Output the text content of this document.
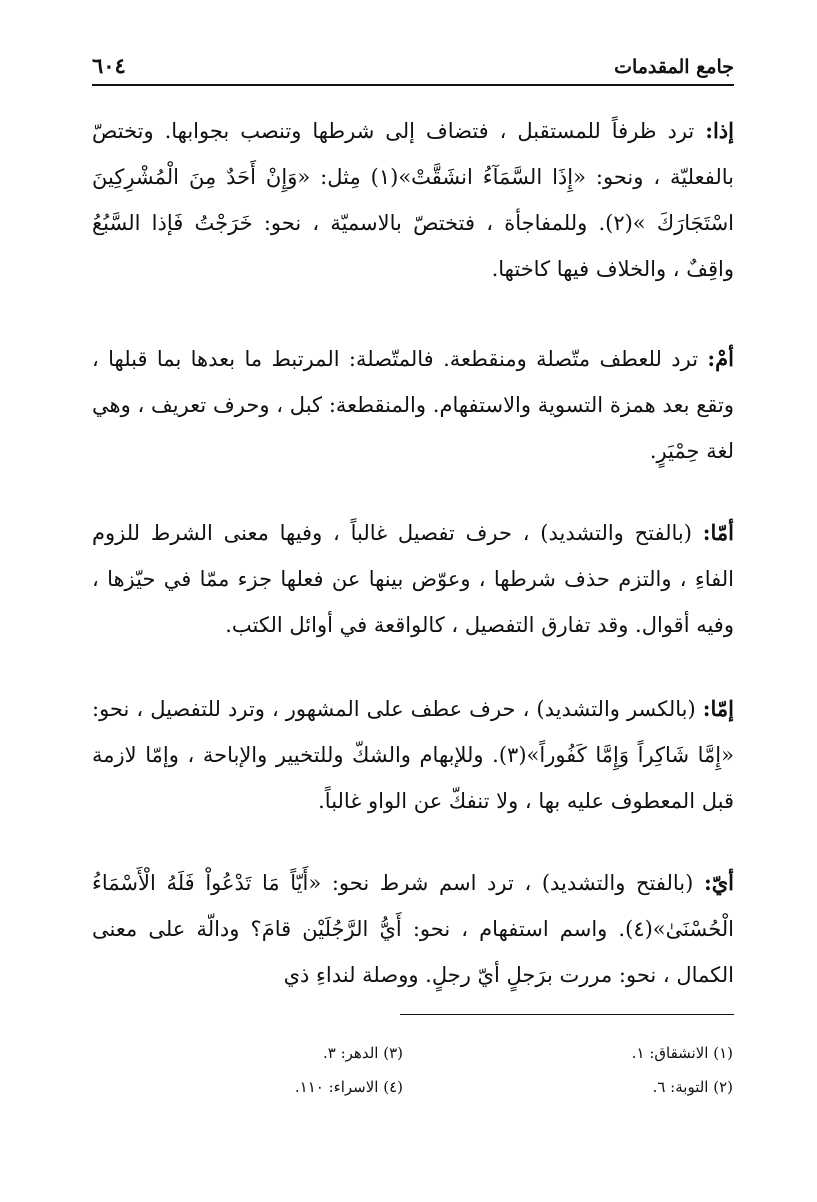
جامع المقدمات
٦٠٤

إذا: ترد ظرفاً للمستقبل ، فتضاف إلى شرطها وتنصب بجوابها. وتختصّ بالفعليّة ، ونحو: «إِذَا السَّمَآءُ انشَقَّتْ»(١) مِثل: «وَإِنْ أَحَدٌ مِنَ الْمُشْرِكِينَ اسْتَجَارَكَ »(٢). وللمفاجأة ، فتختصّ بالاسميّة ، نحو: خَرَجْتُ فَإذا السَّبُعُ واقِفٌ ، والخلاف فيها كاختها.

أمْ: ترد للعطف متّصلة ومنقطعة. فالمتّصلة: المرتبط ما بعدها بما قبلها ، وتقع بعد همزة التسوية والاستفهام. والمنقطعة: كبل ، وحرف تعريف ، وهي لغة حِمْيَرٍ.

أمّا: (بالفتح والتشديد) ، حرف تفصيل غالباً ، وفيها معنى الشرط للزوم الفاءِ ، والتزم حذف شرطها ، وعوّض بينها عن فعلها جزء ممّا في حيّزها ، وفيه أقوال. وقد تفارق التفصيل ، كالواقعة في أوائل الكتب.

إمّا: (بالكسر والتشديد) ، حرف عطف على المشهور ، وترد للتفصيل ، نحو: «إِمَّا شَاكِراً وَإِمَّا كَفُوراً»(٣). وللإبهام والشكّ وللتخيير والإباحة ، وإمّا لازمة قبل المعطوف عليه بها ، ولا تنفكّ عن الواو غالباً.

أيّ: (بالفتح والتشديد) ، ترد اسم شرط نحو: «أَيّاً مَا تَدْعُواْ فَلَهُ الْأَسْمَاءُ الْحُسْنَىٰ»(٤). واسم استفهام ، نحو: أَيُّ الرَّجُلَيْن قامَ؟ ودالّة على معنى الكمال ، نحو: مررت برَجلٍ أيّ رجلٍ. ووصلة لنداءِ ذي

(١) الانشقاق: ١.
(٣) الدهر: ٣.
(٢) التوبة: ٦.
(٤) الاسراء: ١١٠.
